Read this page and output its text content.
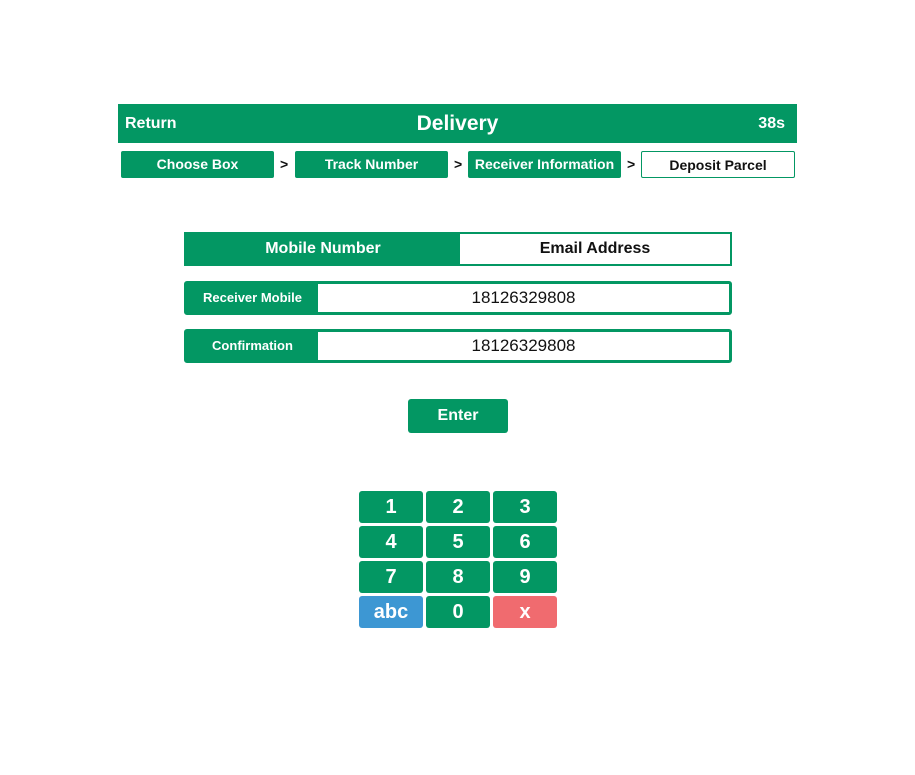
Delivery
Return	38s
Choose Box	>	Track Number	> Receiver Information >	Deposit Parcel
Mobile Number	Email Address
Receiver Mobile	18126329808
Confirmation	18126329808
Enter
1	2	3
4	5	6
7	8	9
abc	0	x
